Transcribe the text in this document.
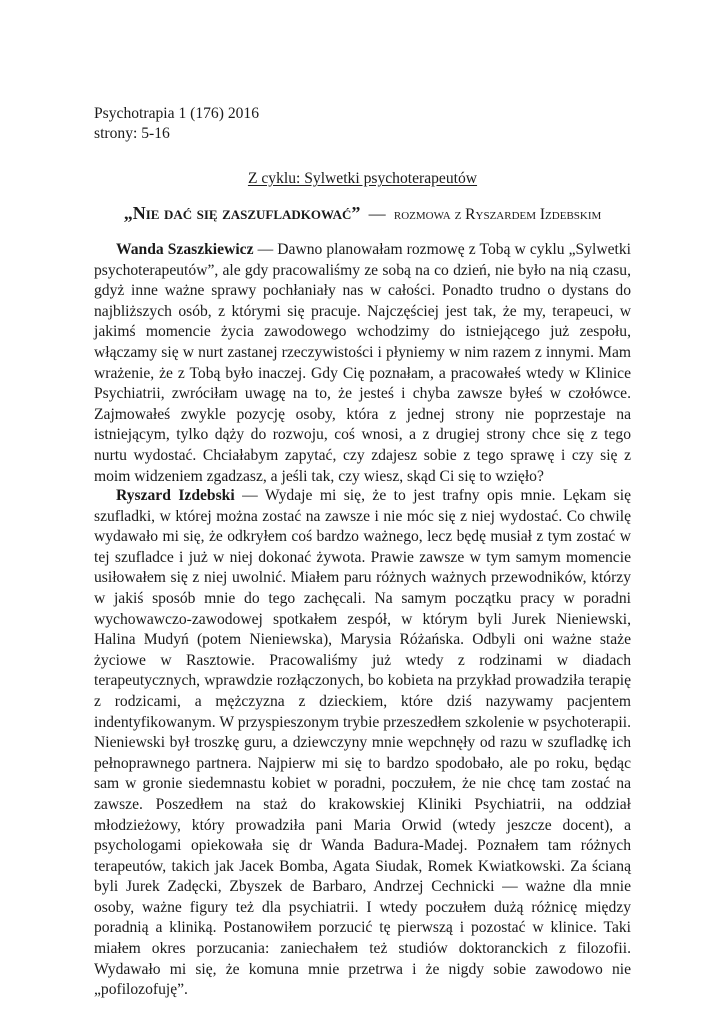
Psychotrapia 1 (176) 2016
strony: 5-16
Z cyklu: Sylwetki psychoterapeutów
„Nie dać się zaszufladkować” — rozmowa z Ryszardem Izdebskim

Wanda Szaszkiewicz — Dawno planowałam rozmowę z Tobą w cyklu „Sylwetki psychoterapeutów”, ale gdy pracowaliśmy ze sobą na co dzień, nie było na nią czasu, gdyż inne ważne sprawy pochłaniały nas w całości. Ponadto trudno o dystans do najbliższych osób, z którymi się pracuje. Najczęściej jest tak, że my, terapeuci, w jakimś momencie życia zawodowego wchodzimy do istniejącego już zespołu, włączamy się w nurt zastanej rzeczywistości i płyniemy w nim razem z innymi. Mam wrażenie, że z Tobą było inaczej. Gdy Cię poznałam, a pracowałeś wtedy w Klinice Psychiatrii, zwróciłam uwagę na to, że jesteś i chyba zawsze byłeś w czołówce. Zajmowałeś zwykle pozycję osoby, która z jednej strony nie poprzestaje na istniejącym, tylko dąży do rozwoju, coś wnosi, a z drugiej strony chce się z tego nurtu wydostać. Chciałabym zapytać, czy zdajesz sobie z tego sprawę i czy się z moim widzeniem zgadzasz, a jeśli tak, czy wiesz, skąd Ci się to wzięło?

Ryszard Izdebski — Wydaje mi się, że to jest trafny opis mnie. Lękam się szufladki, w której można zostać na zawsze i nie móc się z niej wydostać. Co chwilę wydawało mi się, że odkryłem coś bardzo ważnego, lecz będę musiał z tym zostać w tej szufladce i już w niej dokonać żywota. Prawie zawsze w tym samym momencie usiłowałem się z niej uwolnić. Miałem paru różnych ważnych przewodników, którzy w jakiś sposób mnie do tego zachęcali. Na samym początku pracy w poradni wychowawczo-zawodowej spotkałem zespół, w którym byli Jurek Nieniewski, Halina Mudyń (potem Nieniewska), Marysia Różańska. Odbyli oni ważne staże życiowe w Rasztowie. Pracowaliśmy już wtedy z rodzinami w diadach terapeutycznych, wprawdzie rozłączonych, bo kobieta na przykład prowadziła terapię z rodzicami, a mężczyzna z dzieckiem, które dziś nazywamy pacjentem indentyfikowanym. W przyspieszonym trybie przeszedłem szkolenie w psychoterapii. Nieniewski był troszkę guru, a dziewczyny mnie wepchnęły od razu w szufladkę ich pełnoprawnego partnera. Najpierw mi się to bardzo spodobało, ale po roku, będąc sam w gronie siedemnastu kobiet w poradni, poczułem, że nie chcę tam zostać na zawsze. Poszedłem na staż do krakowskiej Kliniki Psychiatrii, na oddział młodzieżowy, który prowadziła pani Maria Orwid (wtedy jeszcze docent), a psychologami opiekowała się dr Wanda Badura-Madej. Poznałem tam różnych terapeutów, takich jak Jacek Bomba, Agata Siudak, Romek Kwiatkowski. Za ścianą byli Jurek Zadęcki, Zbyszek de Barbaro, Andrzej Cechnicki — ważne dla mnie osoby, ważne figury też dla psychiatrii. I wtedy poczułem dużą różnicę między poradnią a kliniką. Postanowiłem porzucić tę pierwszą i pozostać w klinice. Taki miałem okres porzucania: zaniechałem też studiów doktoranckich z filozofii. Wydawało mi się, że komuna mnie przetrwa i że nigdy sobie zawodowo nie „pofilozofuję”.
